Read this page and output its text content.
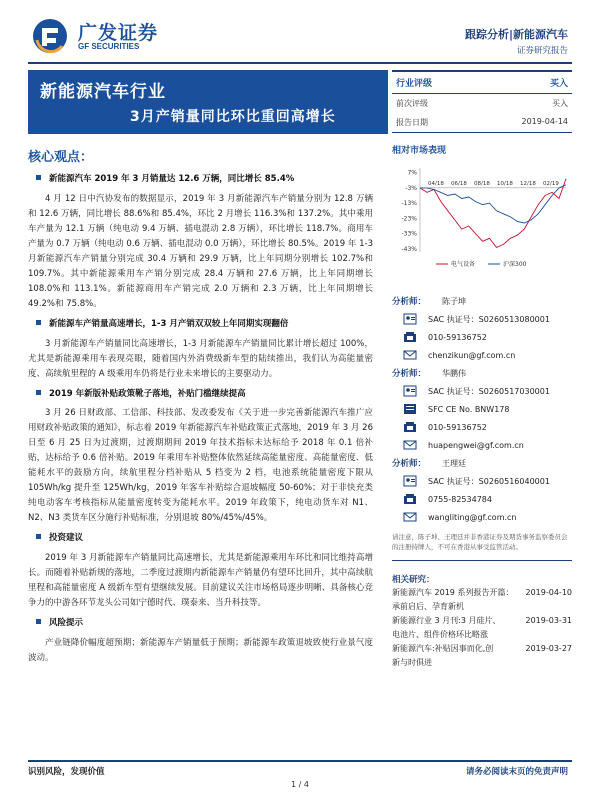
广发证券
GF SECURITIES
跟踪分析|新能源汽车
证券研究报告
新能源汽车行业
3月产销量同比环比重回高增长
核心观点：
新能源汽车 2019 年 3 月销量达 12.6 万辆，同比增长 85.4%
4 月 12 日中汽协发布的数据显示，2019 年 3 月新能源汽车产销量分别为 12.8 万辆和 12.6 万辆，同比增长 88.6%和 85.4%，环比 2 月增长 116.3%和 137.2%。其中乘用车产量为 12.1 万辆（纯电动 9.4 万辆、插电混动 2.8 万辆），环比增长 118.7%。商用车产量为 0.7 万辆（纯电动 0.6 万辆、插电混动 0.0 万辆），环比增长 80.5%。2019 年 1-3 月新能源汽车产销量分别完成 30.4 万辆和 29.9 万辆，比上年同期分别增长 102.7%和 109.7%。其中新能源乘用车产销分别完成 28.4 万辆和 27.6 万辆，比上年同期增长 108.0%和 113.1%。新能源商用车产销完成 2.0 万辆和 2.3 万辆，比上年同期增长 49.2%和 75.8%。
新能源车产销量高速增长，1-3 月产销双双较上年同期实现翻倍
3 月新能源车产销量同比高速增长，1-3 月新能源车产销量同比累计增长超过 100%，尤其是新能源乘用车表现亮眼，随着国内外消费级新车型的陆续推出，我们认为高能量密度、高续航里程的 A 级乘用车仍将是行业未来增长的主要驱动力。
2019 年新版补贴政策靴子落地，补贴门槛继续提高
3 月 26 日财政部、工信部、科技部、发改委发布《关于进一步完善新能源汽车推广应用财政补贴政策的通知》，标志着 2019 年新能源汽车补贴政策正式落地，2019 年 3 月 26 日至 6 月 25 日为过渡期，过渡期期间 2019 年技术指标未达标给予 2018 年 0.1 倍补贴，达标给予 0.6 倍补贴。2019 年乘用车补贴整体依然延续高能量密度、高能量密度、低能耗水平的鼓励方向，续航里程分档补贴从 5 档变为 2 档，电池系统能量密度下限从 105Wh/kg 提升至 125Wh/kg，2019 年客车补贴综合退坡幅度 50-60%；对于非快充类纯电动客车考核指标从能量密度转变为能耗水平。2019 年政策下，纯电动货车对 N1、N2、N3 类货车区分施行补贴标准，分别退坡 80%/45%/45%。
投资建议
2019 年 3 月新能源车产销量同比高速增长，尤其是新能源乘用车环比和同比维持高增长。而随着补贴新规的落地，二季度过渡期内新能源车产销量仍有望环比回升，其中高续航里程和高能量密度 A 级新车型有望继续发展。目前建议关注市场格局逐步明晰、具备核心竞争力的中游各环节龙头公司如宁德时代、璞泰来、当升科技等。
风险提示
产业链降价幅度超预期；新能源车产销量低于预期；新能源车政策退坡致使行业景气度波动。
行业评级	买入
前次评级	买入
报告日期	2019-04-14
相对市场表现
7%
-3%
-13%
-23%
-33%
-43%
04/18 06/18 08/18 10/18 12/18 02/19
电气设备	沪深300
分析师：	陈子坤
SAC 执证号：S0260513080001
010-59136752
chenzikun@gf.com.cn
分析师：	华鹏伟
SAC 执证号：S0260517030001
SFC CE No. BNW178
010-59136752
huapengwei@gf.com.cn
分析师：	王理廷
SAC 执证号：S0260516040001
0755-82534784
wangliting@gf.com.cn
请注意，陈子坤、王理廷并非香港证券及期货事务监察委员会的注册持牌人，不可在香港从事受监管活动。
相关研究：
新能源汽车 2019 系列报告开篇： 2019-04-10
承前启后、孕育新机
新能源行业 3 月刊:3 月硅片、	2019-03-31
电池片、组件价格环比略涨
新能源汽车:补贴因事而化,创	2019-03-27
新与时俱进
识别风险，发现价值	请务必阅读末页的免责声明
1 / 4
